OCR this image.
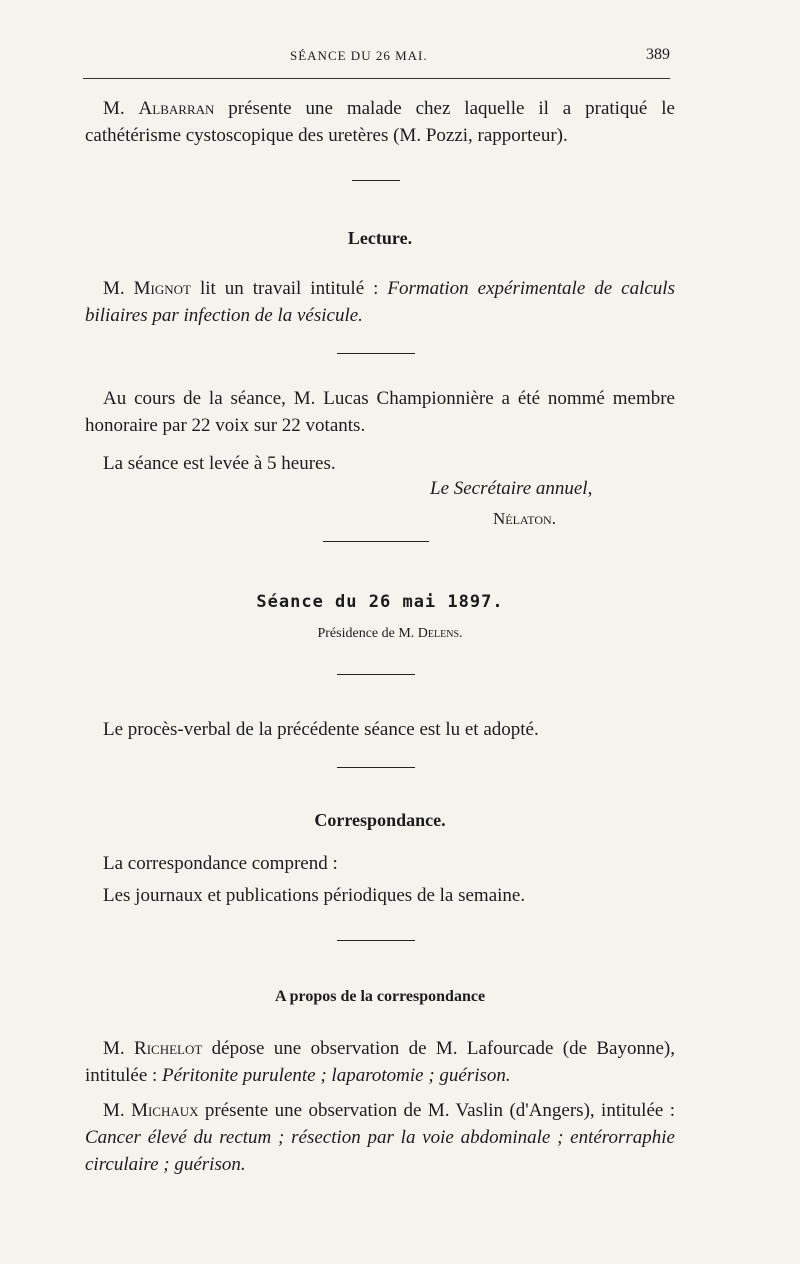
SÉANCE DU 26 MAI.	389

M. Albarran présente une malade chez laquelle il a pratiqué le cathétérisme cystoscopique des uretères (M. Pozzi, rapporteur).

Lecture.

M. Mignot lit un travail intitulé : Formation expérimentale de calculs biliaires par infection de la vésicule.

Au cours de la séance, M. Lucas Championnière a été nommé membre honoraire par 22 voix sur 22 votants.

La séance est levée à 5 heures.

Le Secrétaire annuel,

Nélaton.

Séance du 26 mai 1897.

Présidence de M. Delens.

Le procès-verbal de la précédente séance est lu et adopté.

Correspondance.

La correspondance comprend :

Les journaux et publications périodiques de la semaine.

A propos de la correspondance

M. Richelot dépose une observation de M. Lafourcade (de Bayonne), intitulée : Péritonite purulente ; laparotomie ; guérison.

M. Michaux présente une observation de M. Vaslin (d'Angers), intitulée : Cancer élevé du rectum ; résection par la voie abdominale ; entérorraphie circulaire ; guérison.
